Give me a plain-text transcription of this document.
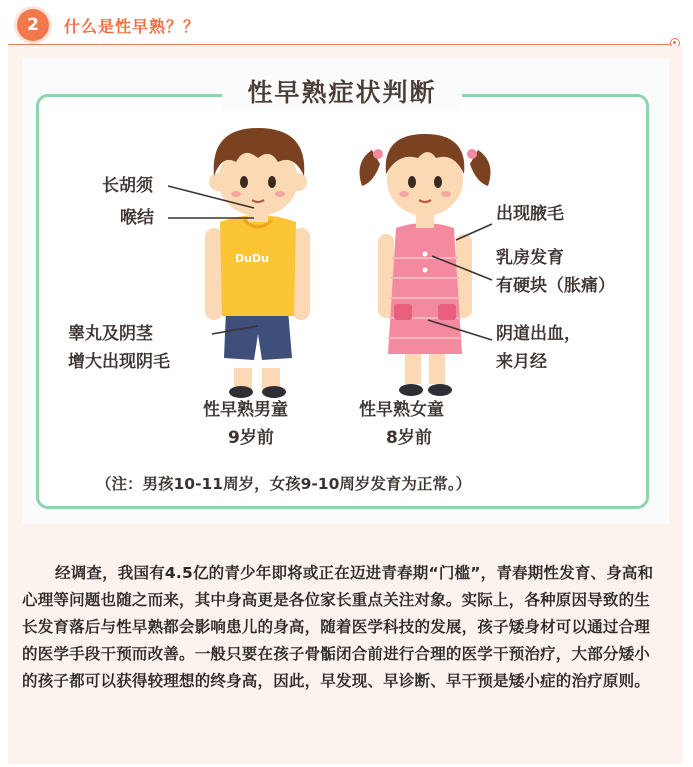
2	什么是性早熟？？
DuDu
性早熟症状判断
长胡须
喉结
睾丸及阴茎
增大出现阴毛
出现腋毛
乳房发育
有硬块（胀痛）
阴道出血，
来月经
性早熟男童
9岁前
性早熟女童
8岁前
（注：男孩10-11周岁，女孩9-10周岁发育为正常。）
经调查，我国有4.5亿的青少年即将或正在迈进青春期“门槛”，青春期性发育、身高和心理等问题也随之而来，其中身高更是各位家长重点关注对象。实际上，各种原因导致的生长发育落后与性早熟都会影响患儿的身高，随着医学科技的发展，孩子矮身材可以通过合理的医学手段干预而改善。一般只要在孩子骨骺闭合前进行合理的医学干预治疗，大部分矮小的孩子都可以获得较理想的终身高，因此，早发现、早诊断、早干预是矮小症的治疗原则。
